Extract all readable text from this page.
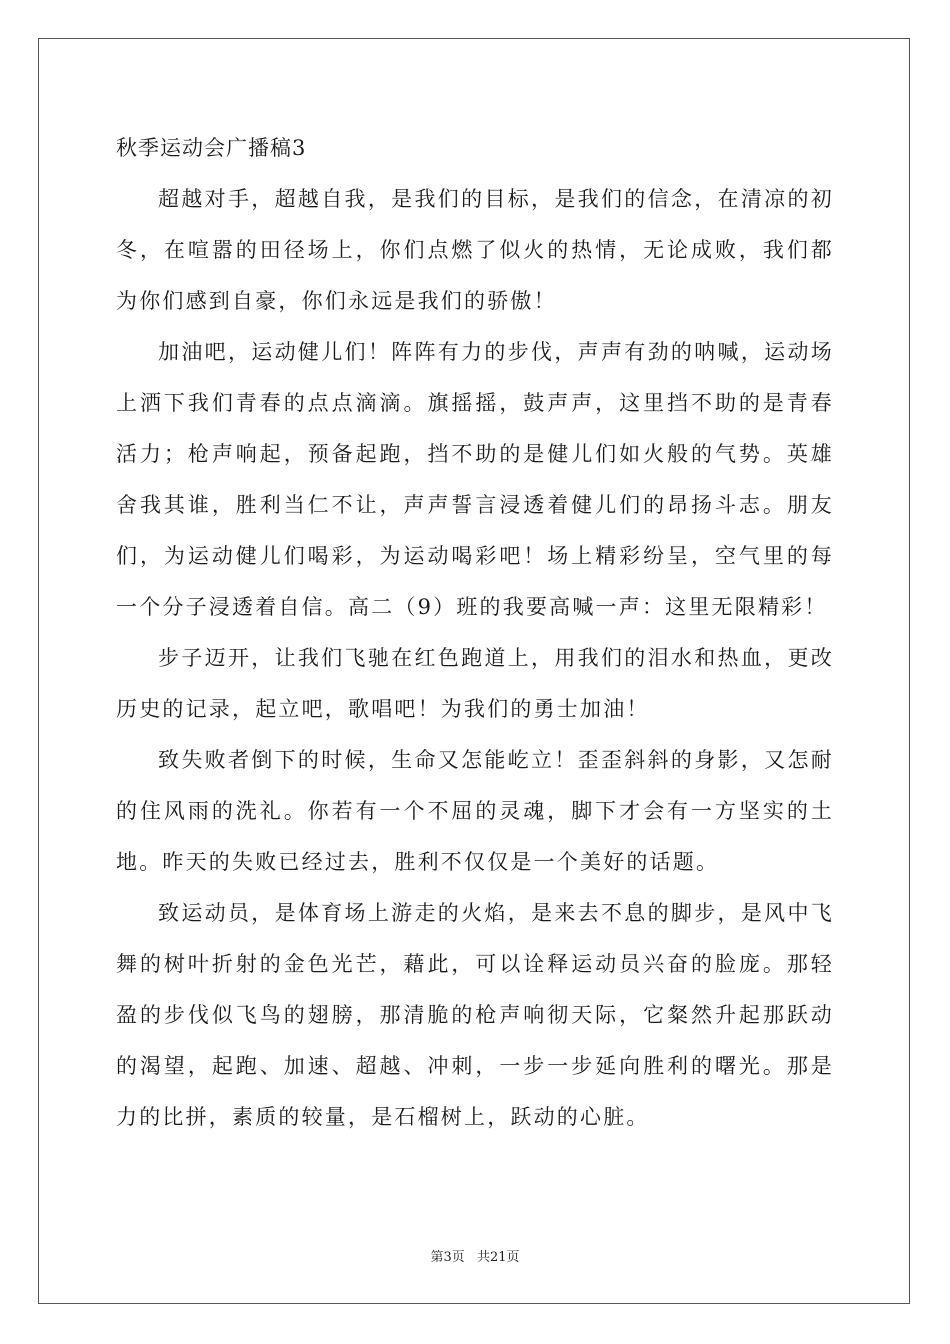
秋季运动会广播稿3

超越对手，超越自我，是我们的目标，是我们的信念，在清凉的初冬，在喧嚣的田径场上，你们点燃了似火的热情，无论成败，我们都为你们感到自豪，你们永远是我们的骄傲！

加油吧，运动健儿们！阵阵有力的步伐，声声有劲的呐喊，运动场上洒下我们青春的点点滴滴。旗摇摇，鼓声声，这里挡不助的是青春活力；枪声响起，预备起跑，挡不助的是健儿们如火般的气势。英雄舍我其谁，胜利当仁不让，声声誓言浸透着健儿们的昂扬斗志。朋友们，为运动健儿们喝彩，为运动喝彩吧！场上精彩纷呈，空气里的每一个分子浸透着自信。高二（9）班的我要高喊一声：这里无限精彩！

步子迈开，让我们飞驰在红色跑道上，用我们的泪水和热血，更改历史的记录，起立吧，歌唱吧！为我们的勇士加油！

致失败者倒下的时候，生命又怎能屹立！歪歪斜斜的身影，又怎耐的住风雨的洗礼。你若有一个不屈的灵魂，脚下才会有一方坚实的土地。昨天的失败已经过去，胜利不仅仅是一个美好的话题。

致运动员，是体育场上游走的火焰，是来去不息的脚步，是风中飞舞的树叶折射的金色光芒，藉此，可以诠释运动员兴奋的脸庞。那轻盈的步伐似飞鸟的翅膀，那清脆的枪声响彻天际，它粲然升起那跃动的渴望，起跑、加速、超越、冲刺，一步一步延向胜利的曙光。那是力的比拼，素质的较量，是石榴树上，跃动的心脏。

第3页 共21页
